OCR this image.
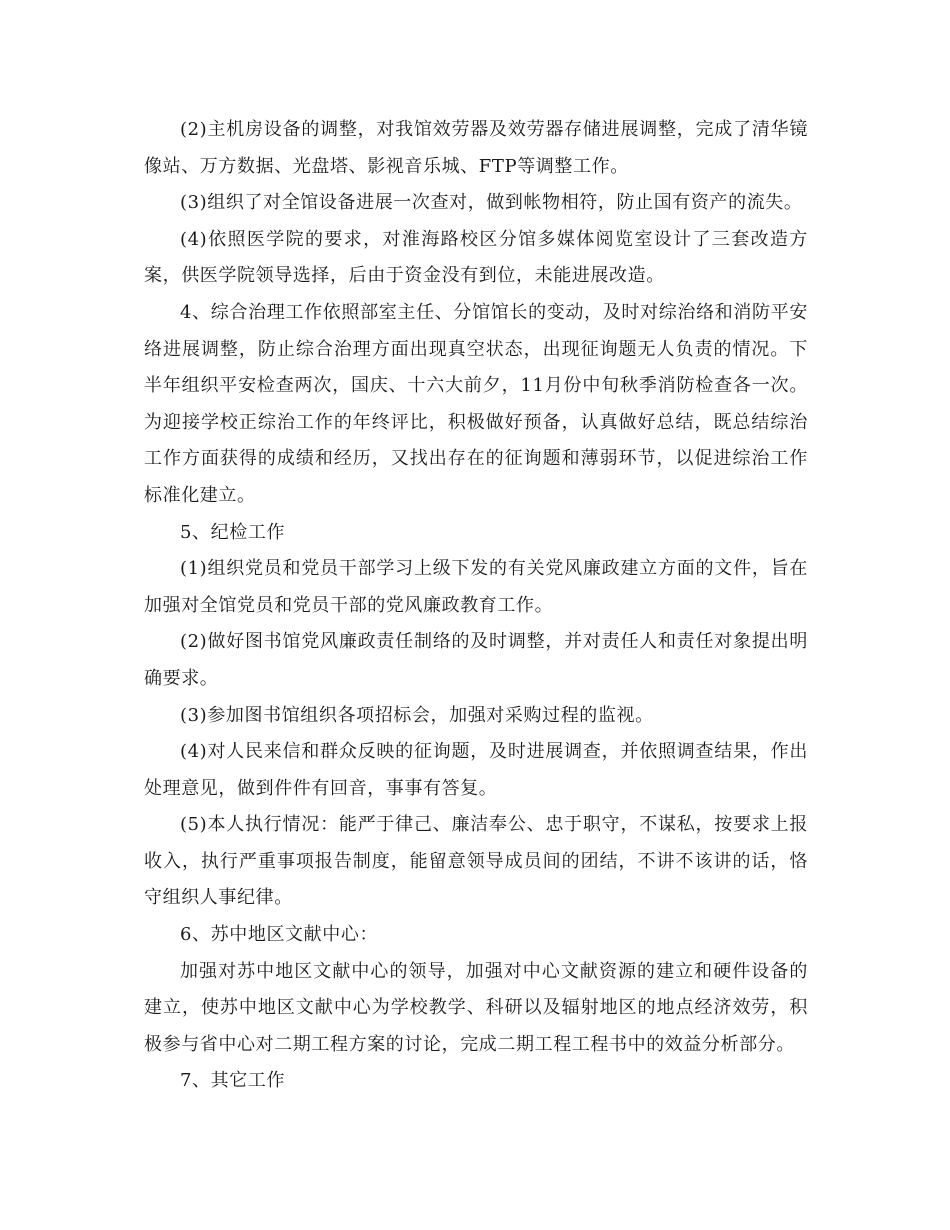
(2)主机房设备的调整，对我馆效劳器及效劳器存储进展调整，完成了清华镜像站、万方数据、光盘塔、影视音乐城、FTP等调整工作。

(3)组织了对全馆设备进展一次查对，做到帐物相符，防止国有资产的流失。

(4)依照医学院的要求，对淮海路校区分馆多媒体阅览室设计了三套改造方案，供医学院领导选择，后由于资金没有到位，未能进展改造。

4、综合治理工作依照部室主任、分馆馆长的变动，及时对综治络和消防平安络进展调整，防止综合治理方面出现真空状态，出现征询题无人负责的情况。下半年组织平安检查两次，国庆、十六大前夕，11月份中旬秋季消防检查各一次。为迎接学校正综治工作的年终评比，积极做好预备，认真做好总结，既总结综治工作方面获得的成绩和经历，又找出存在的征询题和薄弱环节，以促进综治工作标准化建立。

5、纪检工作

(1)组织党员和党员干部学习上级下发的有关党风廉政建立方面的文件，旨在加强对全馆党员和党员干部的党风廉政教育工作。

(2)做好图书馆党风廉政责任制络的及时调整，并对责任人和责任对象提出明确要求。

(3)参加图书馆组织各项招标会，加强对采购过程的监视。

(4)对人民来信和群众反映的征询题，及时进展调查，并依照调查结果，作出处理意见，做到件件有回音，事事有答复。

(5)本人执行情况：能严于律己、廉洁奉公、忠于职守，不谋私，按要求上报收入，执行严重事项报告制度，能留意领导成员间的团结，不讲不该讲的话，恪守组织人事纪律。

6、苏中地区文献中心：

加强对苏中地区文献中心的领导，加强对中心文献资源的建立和硬件设备的建立，使苏中地区文献中心为学校教学、科研以及辐射地区的地点经济效劳，积极参与省中心对二期工程方案的讨论，完成二期工程工程书中的效益分析部分。

7、其它工作
